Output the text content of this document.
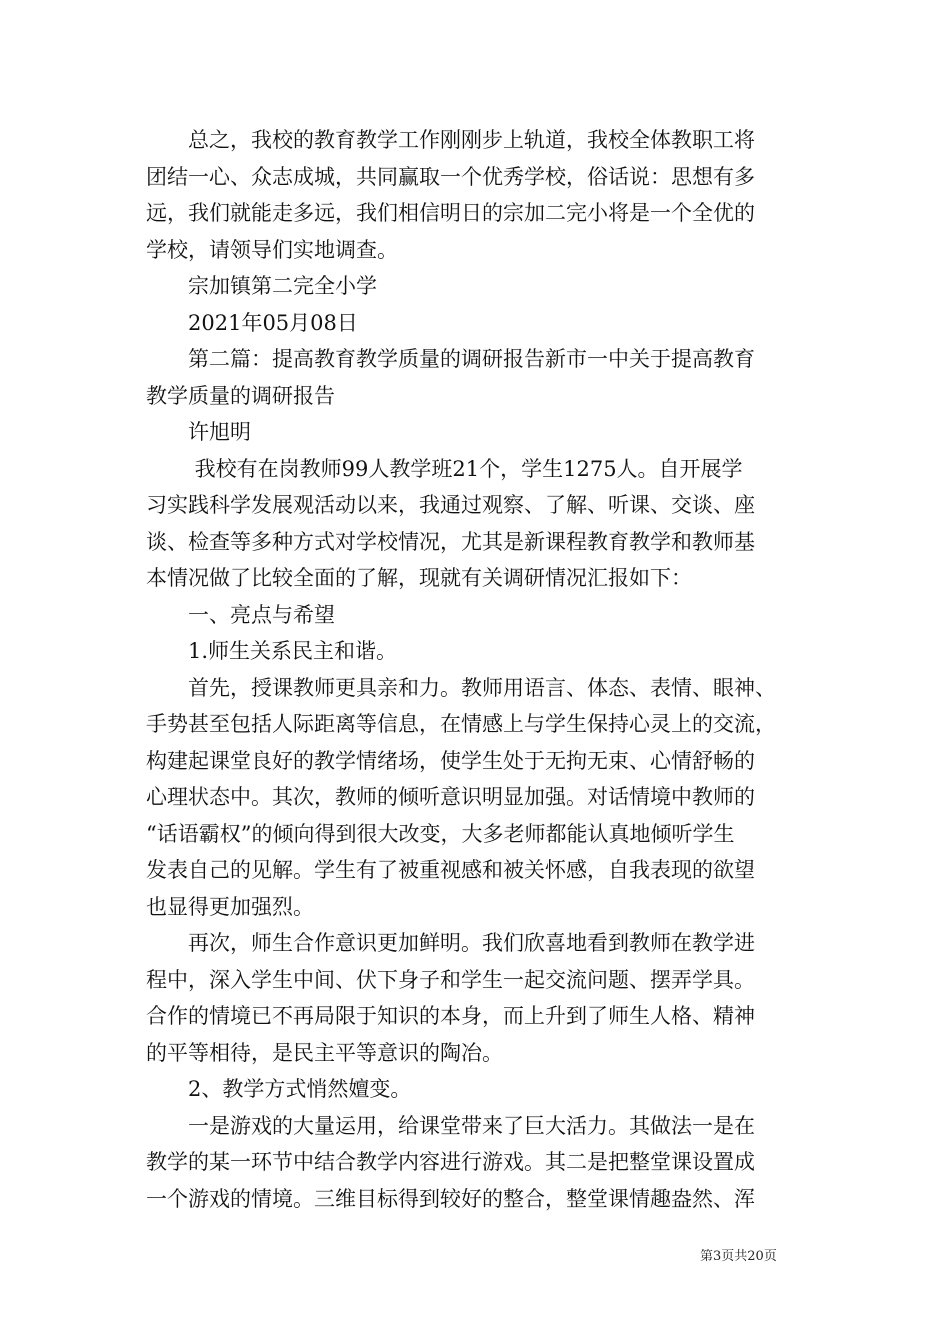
　　总之，我校的教育教学工作刚刚步上轨道，我校全体教职工将
团结一心、众志成城，共同赢取一个优秀学校，俗话说：思想有多
远，我们就能走多远，我们相信明日的宗加二完小将是一个全优的
学校，请领导们实地调查。
　　宗加镇第二完全小学
　　2021年05月08日
　　第二篇：提高教育教学质量的调研报告新市一中关于提高教育
教学质量的调研报告
　　许旭明
　　 我校有在岗教师99人教学班21个，学生1275人。自开展学
习实践科学发展观活动以来，我通过观察、了解、听课、交谈、座
谈、检查等多种方式对学校情况，尤其是新课程教育教学和教师基
本情况做了比较全面的了解，现就有关调研情况汇报如下：
　　一、亮点与希望
　　1.师生关系民主和谐。
　　首先，授课教师更具亲和力。教师用语言、体态、表情、眼神、
手势甚至包括人际距离等信息，在情感上与学生保持心灵上的交流，
构建起课堂良好的教学情绪场，使学生处于无拘无束、心情舒畅的
心理状态中。其次，教师的倾听意识明显加强。对话情境中教师的
“话语霸权”的倾向得到很大改变，大多老师都能认真地倾听学生
发表自己的见解。学生有了被重视感和被关怀感，自我表现的欲望
也显得更加强烈。
　　再次，师生合作意识更加鲜明。我们欣喜地看到教师在教学进
程中，深入学生中间、伏下身子和学生一起交流问题、摆弄学具。
合作的情境已不再局限于知识的本身，而上升到了师生人格、精神
的平等相待，是民主平等意识的陶冶。
　　2、教学方式悄然嬗变。
　　一是游戏的大量运用，给课堂带来了巨大活力。其做法一是在
教学的某一环节中结合教学内容进行游戏。其二是把整堂课设置成
一个游戏的情境。三维目标得到较好的整合，整堂课情趣盎然、浑
第3页共20页
